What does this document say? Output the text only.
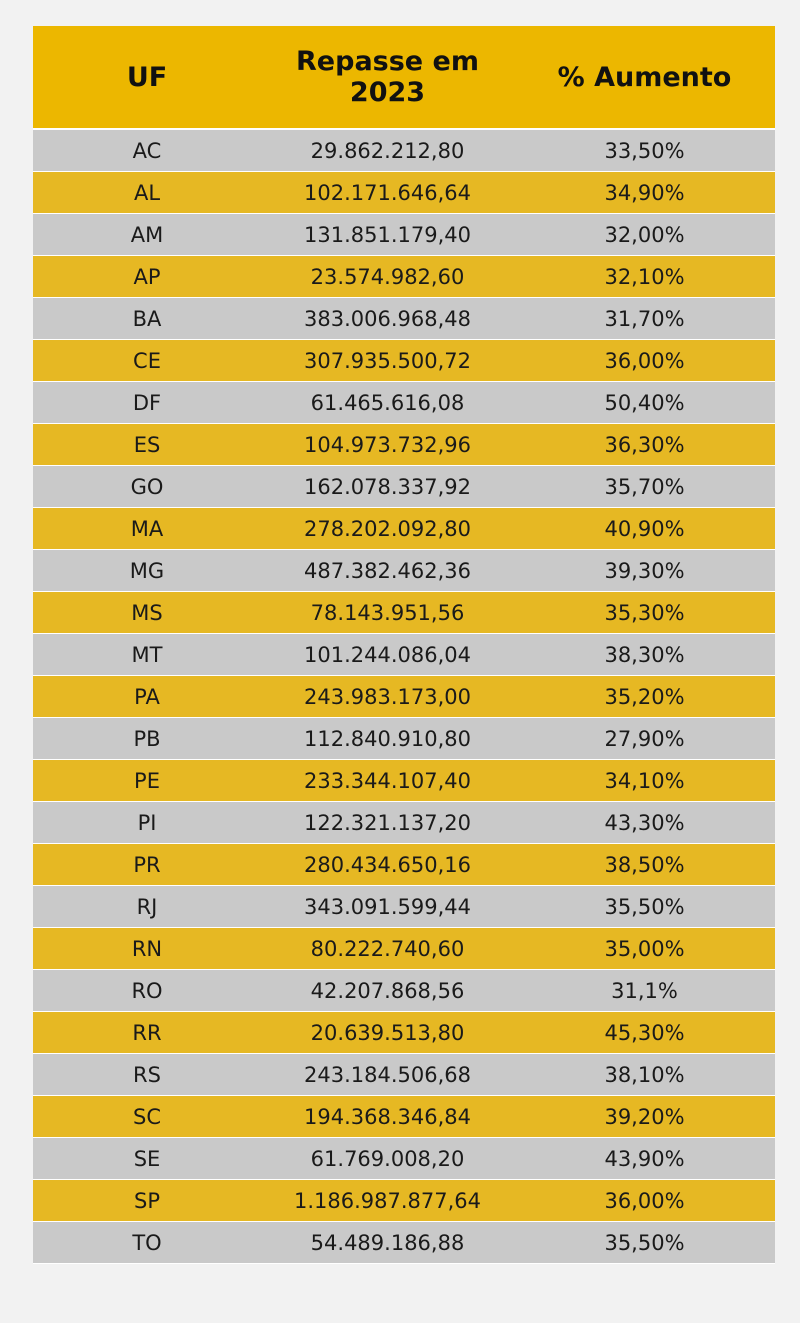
UF	Repasse em 2023	% Aumento
AC	29.862.212,80	33,50%
AL	102.171.646,64	34,90%
AM	131.851.179,40	32,00%
AP	23.574.982,60	32,10%
BA	383.006.968,48	31,70%
CE	307.935.500,72	36,00%
DF	61.465.616,08	50,40%
ES	104.973.732,96	36,30%
GO	162.078.337,92	35,70%
MA	278.202.092,80	40,90%
MG	487.382.462,36	39,30%
MS	78.143.951,56	35,30%
MT	101.244.086,04	38,30%
PA	243.983.173,00	35,20%
PB	112.840.910,80	27,90%
PE	233.344.107,40	34,10%
PI	122.321.137,20	43,30%
PR	280.434.650,16	38,50%
RJ	343.091.599,44	35,50%
RN	80.222.740,60	35,00%
RO	42.207.868,56	31,1%
RR	20.639.513,80	45,30%
RS	243.184.506,68	38,10%
SC	194.368.346,84	39,20%
SE	61.769.008,20	43,90%
SP	1.186.987.877,64	36,00%
TO	54.489.186,88	35,50%
